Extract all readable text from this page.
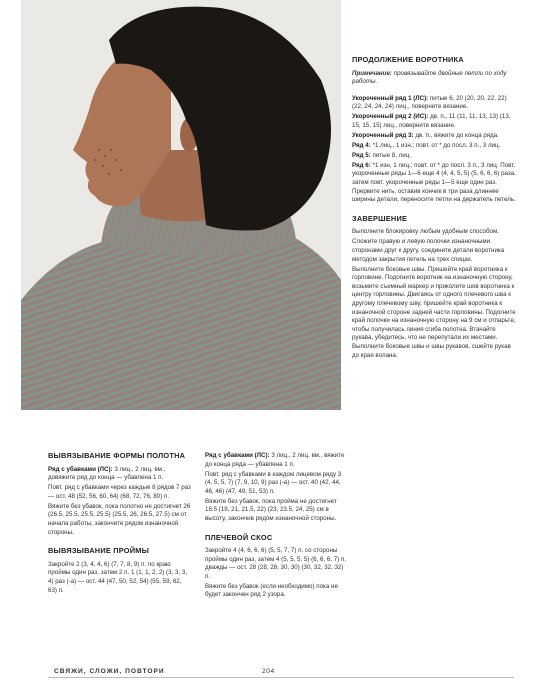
ПРОДОЛЖЕНИЕ ВОРОТНИКА
Примечание: провязывайте двойные петли по ходу работы.
Укороченный ряд 1 (ЛС): питые 6, 20 (20, 20, 22, 22) (22, 24, 24, 24) лиц., поверните вязание.
Укороченный ряд 2 (ИС): дв. п., 11 (11, 11, 13, 13) (13, 15, 15, 15) лиц., поверните вязание.
Укороченный ряд 3: дв. п., вяжите до конца ряда.
Ряд 4: *1 лиц., 1 изн.; повт. от * до посл. 3 п., 3 лиц.
Ряд 5: питые 8, лиц.
Ряд 6: *1 изн, 1 лиц.; повт. от * до посл. 3 п., 3 лиц. Повт. укороченные ряды 1—6 еще 4 (4, 4, 5, 5) (5, 6, 6, 6) раза, затем повт. укороченные ряды 1—5 еще один раз. Прервите нить, оставив кончик в три раза длиннее ширины детали, переносите петли на держатель петель.
ЗАВЕРШЕНИЕ
Выполните блокировку любым удобным способом.
Сложите правую и левую полочки изнаночными сторонами друг к другу, соедините детали воротника методом закрытия петель на трех спицах.
Выполните боковые швы. Пришейте край воротника к горловине. Подогните воротник на изнаночную сторону, возьмите съемный маркер и приколите шов воротника к центру горловины. Двигаясь от одного плечевого шва к другому плечевому шву, пришейте край воротника к изнаночной стороне задней части горловины. Подогните край полочки на изнаночную сторону на 9 см и отпарьте, чтобы получилась линия сгиба полотна. Втачайте рукава, убедитесь, что не перепутали их местами. Выполните боковые швы и швы рукавов, сшейте рукав до края волана.
ВЫВЯЗЫВАНИЕ ФОРМЫ ПОЛОТНА
Ряд с убавками (ЛС): 3 лиц., 2 лиц. вм., довяжите ряд до конца — убавлена 1 п.
Повт. ряд с убавками через каждые 8 рядов 7 раз — ост. 48 (52, 56, 60, 64) (68, 72, 76, 80) п.
Вяжите без убавок, пока полотно не достигнет 26 (26.5, 25.5, 25.5, 25.5) (25.5, 26, 26.5, 27.5) см от начала работы, закончите рядом изнаночной стороны.
ВЫВЯЗЫВАНИЕ ПРОЙМЫ
Закройте 2 (3, 4, 4, 6) (7, 7, 8, 9) п. по краю проймы один раз, затем 2 п. 1 (1, 1, 2, 2) (3, 3, 3, 4) раз (-а) — ост. 44 (47, 50, 52, 54) (55, 59, 62, 63) п.
Ряд с убавками (ЛС): 3 лиц., 2 лиц. вм., вяжите до конца ряда — убавлена 1 п.
Повт. ряд с убавками в каждом лицевом ряду 3 (4, 5, 5, 7) (7, 9, 10, 9) раз (-а) — ост. 40 (42, 44, 46, 46) (47, 49, 51, 53) п.
Вяжите без убавок, пока пройма не достигнет 18.5 (19, 21, 21.5, 22) (23, 23.5, 24, 25) см в высоту, закончив рядом изнаночной стороны.
ПЛЕЧЕВОЙ СКОС
Закройте 4 (4, 6, 6, 6) (5, 5, 7, 7) п. со стороны проймы один раз, затем 4 (5, 5, 5, 5) (6, 6, 6, 7) п. дважды — ост. 28 (28, 28, 30, 30) (30, 32, 32, 32) п.
Вяжите без убавок (если необходимо) пока не будет закончен ряд 2 узора.
СВЯЖИ, СЛОЖИ, ПОВТОРИ	204
